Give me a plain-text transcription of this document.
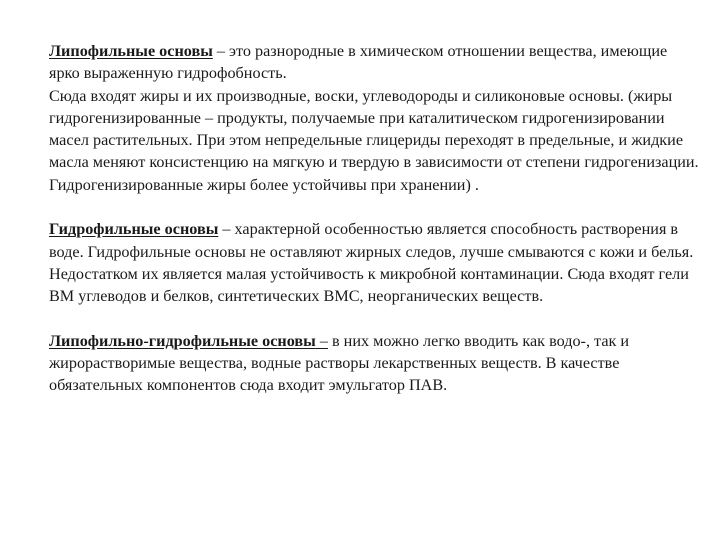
Липофильные основы – это разнородные в химическом отношении вещества, имеющие ярко выраженную гидрофобность.

Сюда входят жиры и их производные, воски, углеводороды и силиконовые основы. (жиры гидрогенизированные – продукты, получаемые при каталитическом гидрогенизировании масел растительных. При этом непредельные глицериды переходят в предельные, и жидкие масла меняют консистенцию на мягкую и твердую в зависимости от степени гидрогенизации. Гидрогенизированные жиры более устойчивы при хранении) .

Гидрофильные основы – характерной особенностью является способность растворения в воде. Гидрофильные основы не оставляют жирных следов, лучше смываются с кожи и белья.

Недостатком их является малая устойчивость к микробной контаминации. Сюда входят гели ВМ углеводов и белков, синтетических ВМС, неорганических веществ.

Липофильно-гидрофильные основы – в них можно легко вводить как водо-, так и жирорастворимые вещества, водные растворы лекарственных веществ. В качестве обязательных компонентов сюда входит эмульгатор ПАВ.
